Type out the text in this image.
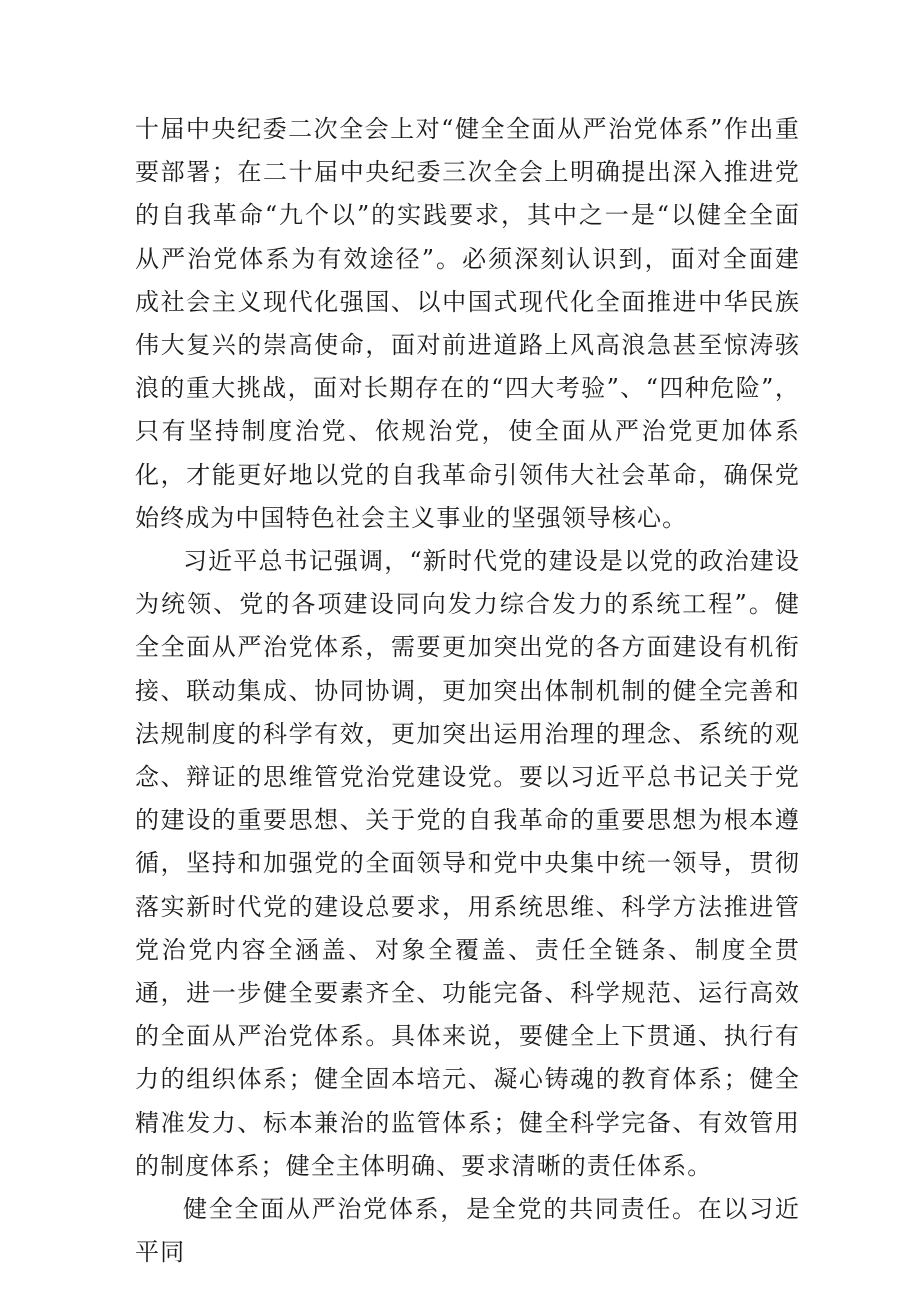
十届中央纪委二次全会上对“健全全面从严治党体系”作出重要部署；在二十届中央纪委三次全会上明确提出深入推进党的自我革命“九个以”的实践要求，其中之一是“以健全全面从严治党体系为有效途径”。必须深刻认识到，面对全面建成社会主义现代化强国、以中国式现代化全面推进中华民族伟大复兴的崇高使命，面对前进道路上风高浪急甚至惊涛骇浪的重大挑战，面对长期存在的“四大考验”、“四种危险”，只有坚持制度治党、依规治党，使全面从严治党更加体系化，才能更好地以党的自我革命引领伟大社会革命，确保党始终成为中国特色社会主义事业的坚强领导核心。

习近平总书记强调，“新时代党的建设是以党的政治建设为统领、党的各项建设同向发力综合发力的系统工程”。健全全面从严治党体系，需要更加突出党的各方面建设有机衔接、联动集成、协同协调，更加突出体制机制的健全完善和法规制度的科学有效，更加突出运用治理的理念、系统的观念、辩证的思维管党治党建设党。要以习近平总书记关于党的建设的重要思想、关于党的自我革命的重要思想为根本遵循，坚持和加强党的全面领导和党中央集中统一领导，贯彻落实新时代党的建设总要求，用系统思维、科学方法推进管党治党内容全涵盖、对象全覆盖、责任全链条、制度全贯通，进一步健全要素齐全、功能完备、科学规范、运行高效的全面从严治党体系。具体来说，要健全上下贯通、执行有力的组织体系；健全固本培元、凝心铸魂的教育体系；健全精准发力、标本兼治的监管体系；健全科学完备、有效管用的制度体系；健全主体明确、要求清晰的责任体系。

健全全面从严治党体系，是全党的共同责任。在以习近平同
